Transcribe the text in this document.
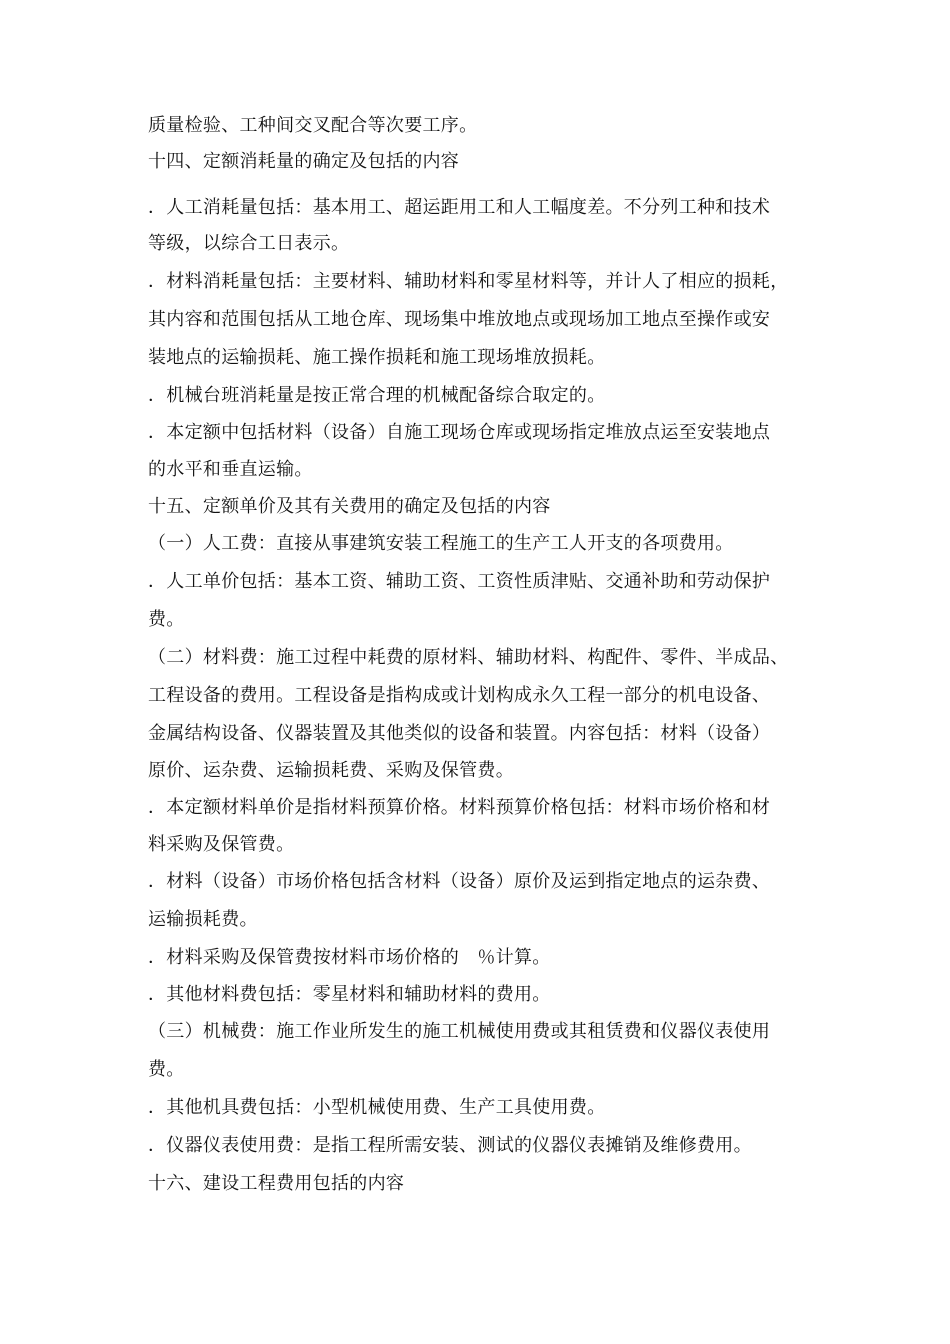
质量检验、工种间交叉配合等次要工序。
十四、定额消耗量的确定及包括的内容
．人工消耗量包括：基本用工、超运距用工和人工幅度差。不分列工种和技术
等级，以综合工日表示。
．材料消耗量包括：主要材料、辅助材料和零星材料等，并计人了相应的损耗，
其内容和范围包括从工地仓库、现场集中堆放地点或现场加工地点至操作或安
装地点的运输损耗、施工操作损耗和施工现场堆放损耗。
．机械台班消耗量是按正常合理的机械配备综合取定的。
．本定额中包括材料（设备）自施工现场仓库或现场指定堆放点运至安装地点
的水平和垂直运输。
十五、定额单价及其有关费用的确定及包括的内容
（一）人工费：直接从事建筑安装工程施工的生产工人开支的各项费用。
．人工单价包括：基本工资、辅助工资、工资性质津贴、交通补助和劳动保护
费。
（二）材料费：施工过程中耗费的原材料、辅助材料、构配件、零件、半成品、
工程设备的费用。工程设备是指构成或计划构成永久工程一部分的机电设备、
金属结构设备、仪器装置及其他类似的设备和装置。内容包括：材料（设备）
原价、运杂费、运输损耗费、采购及保管费。
．本定额材料单价是指材料预算价格。材料预算价格包括：材料市场价格和材
料采购及保管费。
．材料（设备）市场价格包括含材料（设备）原价及运到指定地点的运杂费、
运输损耗费。
．材料采购及保管费按材料市场价格的　％计算。
．其他材料费包括：零星材料和辅助材料的费用。
（三）机械费：施工作业所发生的施工机械使用费或其租赁费和仪器仪表使用
费。
．其他机具费包括：小型机械使用费、生产工具使用费。
．仪器仪表使用费：是指工程所需安装、测试的仪器仪表摊销及维修费用。
十六、建设工程费用包括的内容
